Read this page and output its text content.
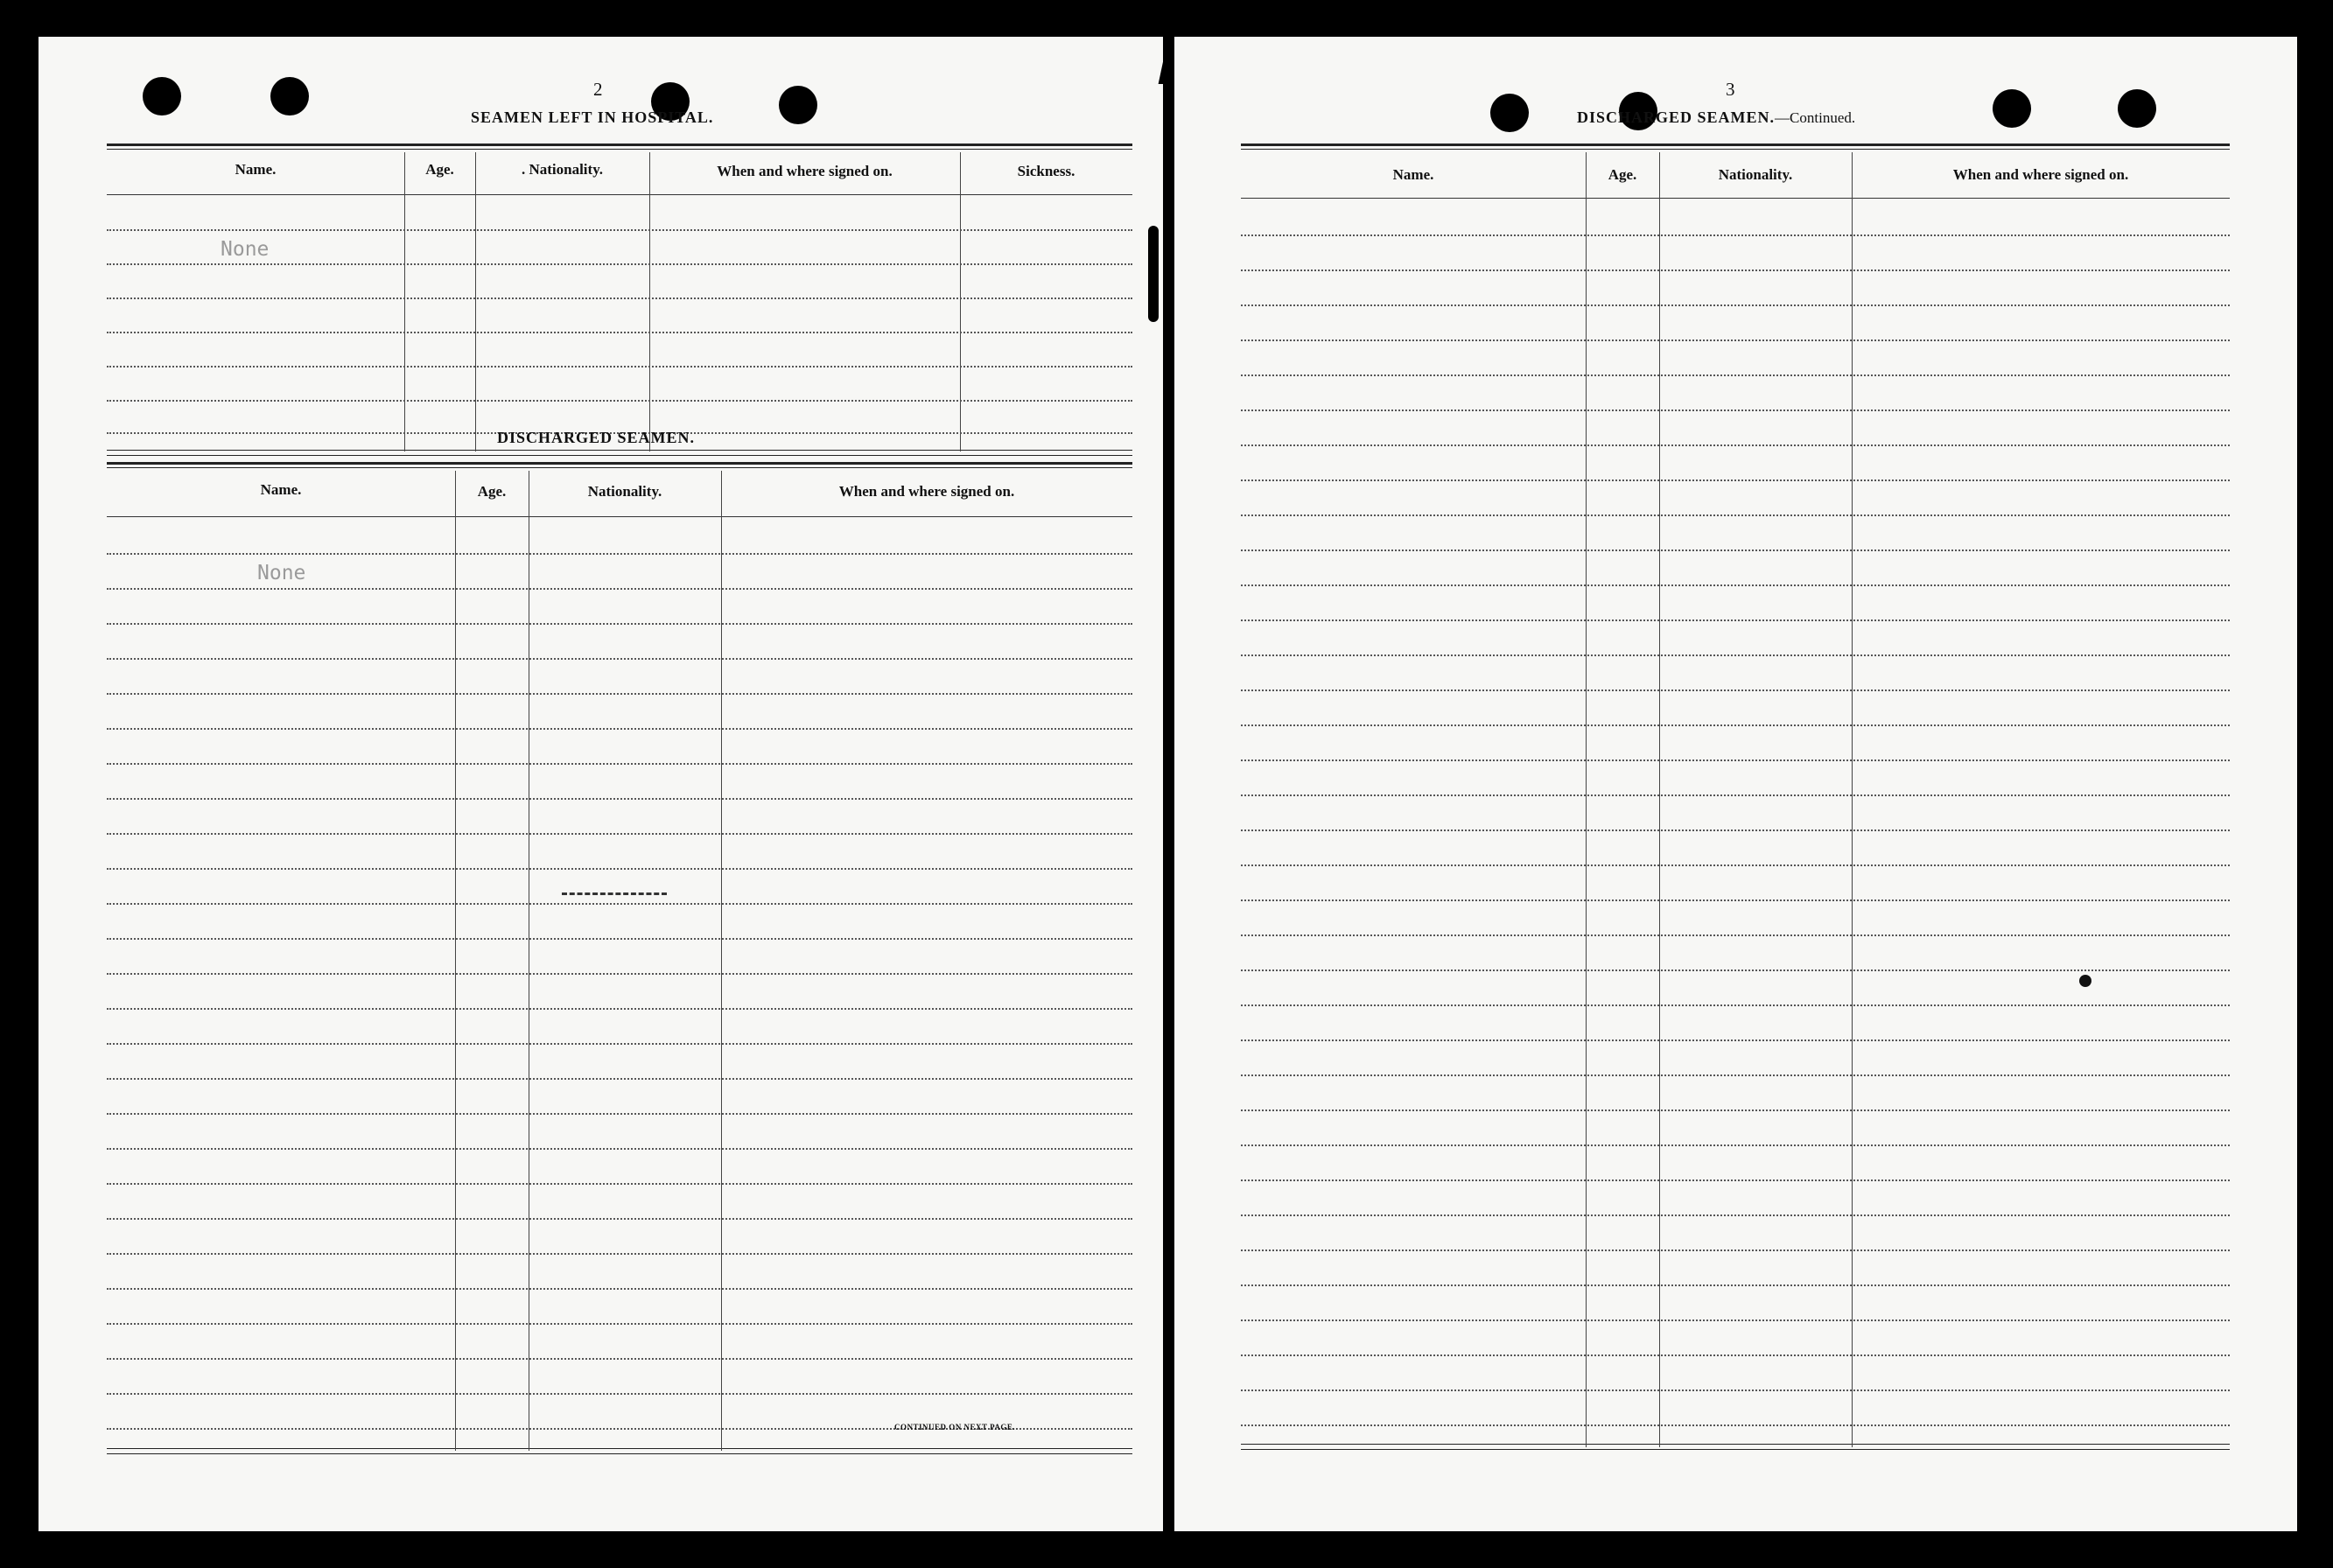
2
SEAMEN LEFT IN HOSPITAL.
Name.	Age.	. Nationality.	When and where signed on.	Sickness.
None
DISCHARGED SEAMEN.
Name.	Age.	Nationality.	When and where signed on.
None
CONTINUED ON NEXT PAGE.
3
DISCHARGED SEAMEN.—Continued.
Name.	Age.	Nationality.	When and where signed on.
